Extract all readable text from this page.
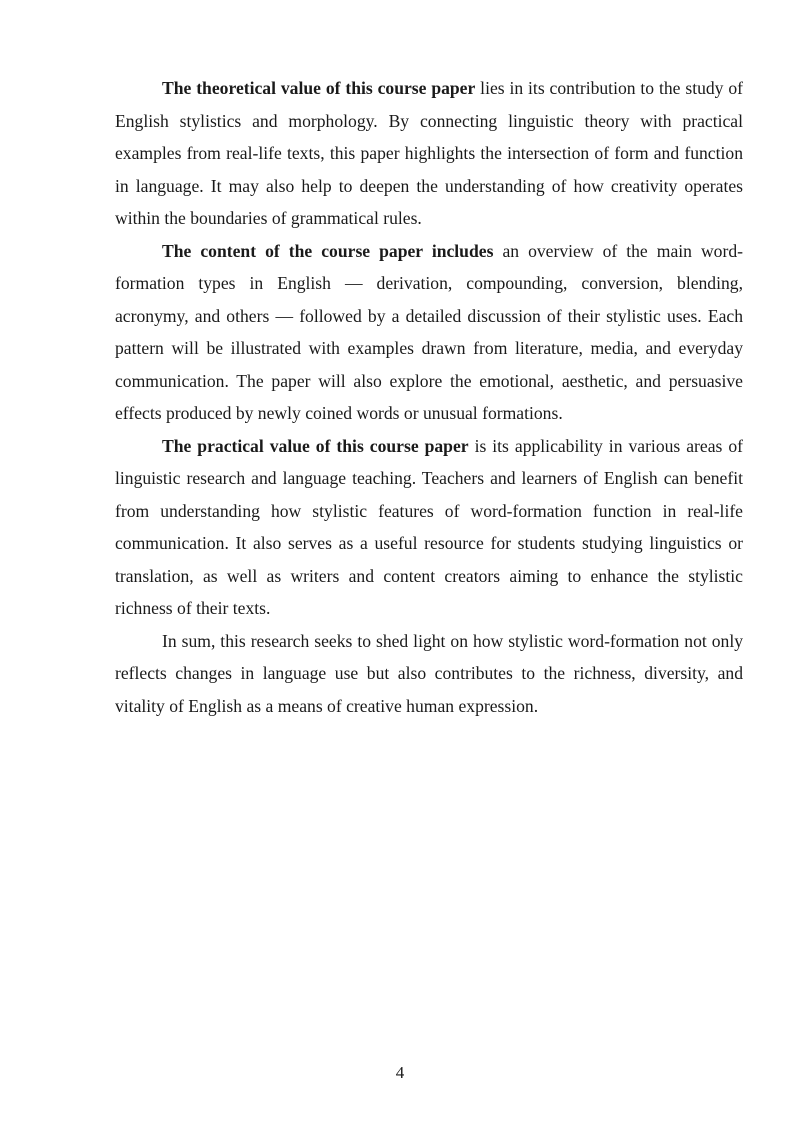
The theoretical value of this course paper lies in its contribution to the study of English stylistics and morphology. By connecting linguistic theory with practical examples from real-life texts, this paper highlights the intersection of form and function in language. It may also help to deepen the understanding of how creativity operates within the boundaries of grammatical rules.

The content of the course paper includes an overview of the main word-formation types in English — derivation, compounding, conversion, blending, acronymy, and others — followed by a detailed discussion of their stylistic uses. Each pattern will be illustrated with examples drawn from literature, media, and everyday communication. The paper will also explore the emotional, aesthetic, and persuasive effects produced by newly coined words or unusual formations.

The practical value of this course paper is its applicability in various areas of linguistic research and language teaching. Teachers and learners of English can benefit from understanding how stylistic features of word-formation function in real-life communication. It also serves as a useful resource for students studying linguistics or translation, as well as writers and content creators aiming to enhance the stylistic richness of their texts.

In sum, this research seeks to shed light on how stylistic word-formation not only reflects changes in language use but also contributes to the richness, diversity, and vitality of English as a means of creative human expression.

4
